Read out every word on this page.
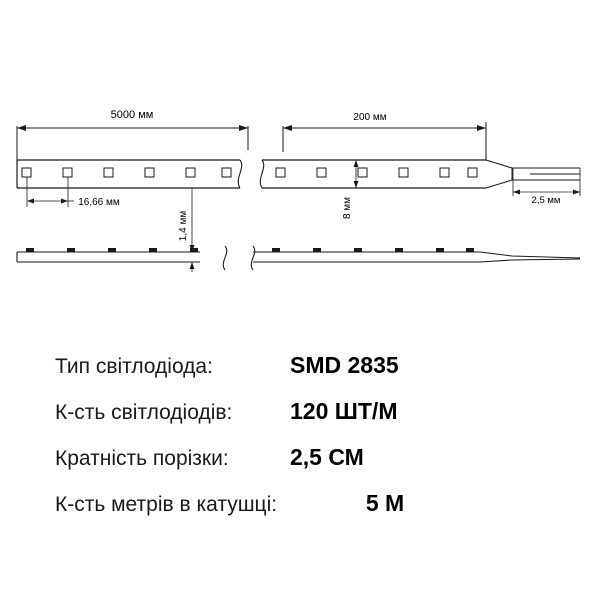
5000 мм	200 мм
2,5 мм
16,66 мм	8 мм
1,4 мм
Тип світлодіода:	SMD 2835
К-сть світлодіодів:	120 ШТ/М
Кратність порізки:	2,5 СМ
К-сть метрів в катушці:	5 М
